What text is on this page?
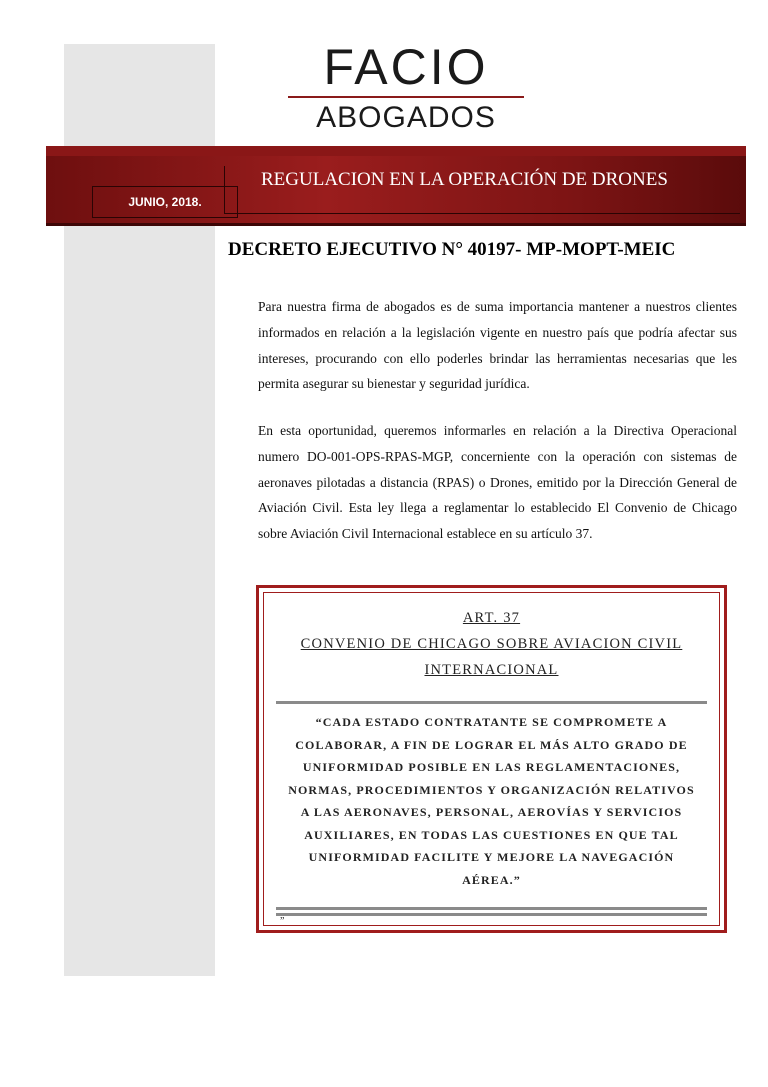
FACIO
ABOGADOS
JUNIO, 2018.
REGULACION EN LA OPERACIÓN DE DRONES
DECRETO EJECUTIVO N° 40197- MP-MOPT-MEIC

Para nuestra firma de abogados es de suma importancia mantener a nuestros clientes informados en relación a la legislación vigente en nuestro país que podría afectar sus intereses, procurando con ello poderles brindar las herramientas necesarias que les permita asegurar su bienestar y seguridad jurídica.

En esta oportunidad, queremos informarles en relación a la Directiva Operacional numero DO-001-OPS-RPAS-MGP, concerniente con la operación con sistemas de aeronaves pilotadas a distancia (RPAS) o Drones, emitido por la Dirección General de Aviación Civil. Esta ley llega a reglamentar lo establecido El Convenio de Chicago sobre Aviación Civil Internacional establece en su artículo 37.

ART. 37
CONVENIO DE CHICAGO SOBRE AVIACION CIVIL
INTERNACIONAL
“CADA ESTADO CONTRATANTE SE COMPROMETE A COLABORAR, A FIN DE LOGRAR EL MÁS ALTO GRADO DE UNIFORMIDAD POSIBLE EN LAS REGLAMENTACIONES, NORMAS, PROCEDIMIENTOS Y ORGANIZACIÓN RELATIVOS A LAS AERONAVES, PERSONAL, AEROVÍAS Y SERVICIOS AUXILIARES, EN TODAS LAS CUESTIONES EN QUE TAL UNIFORMIDAD FACILITE Y MEJORE LA NAVEGACIÓN AÉREA.”
”
